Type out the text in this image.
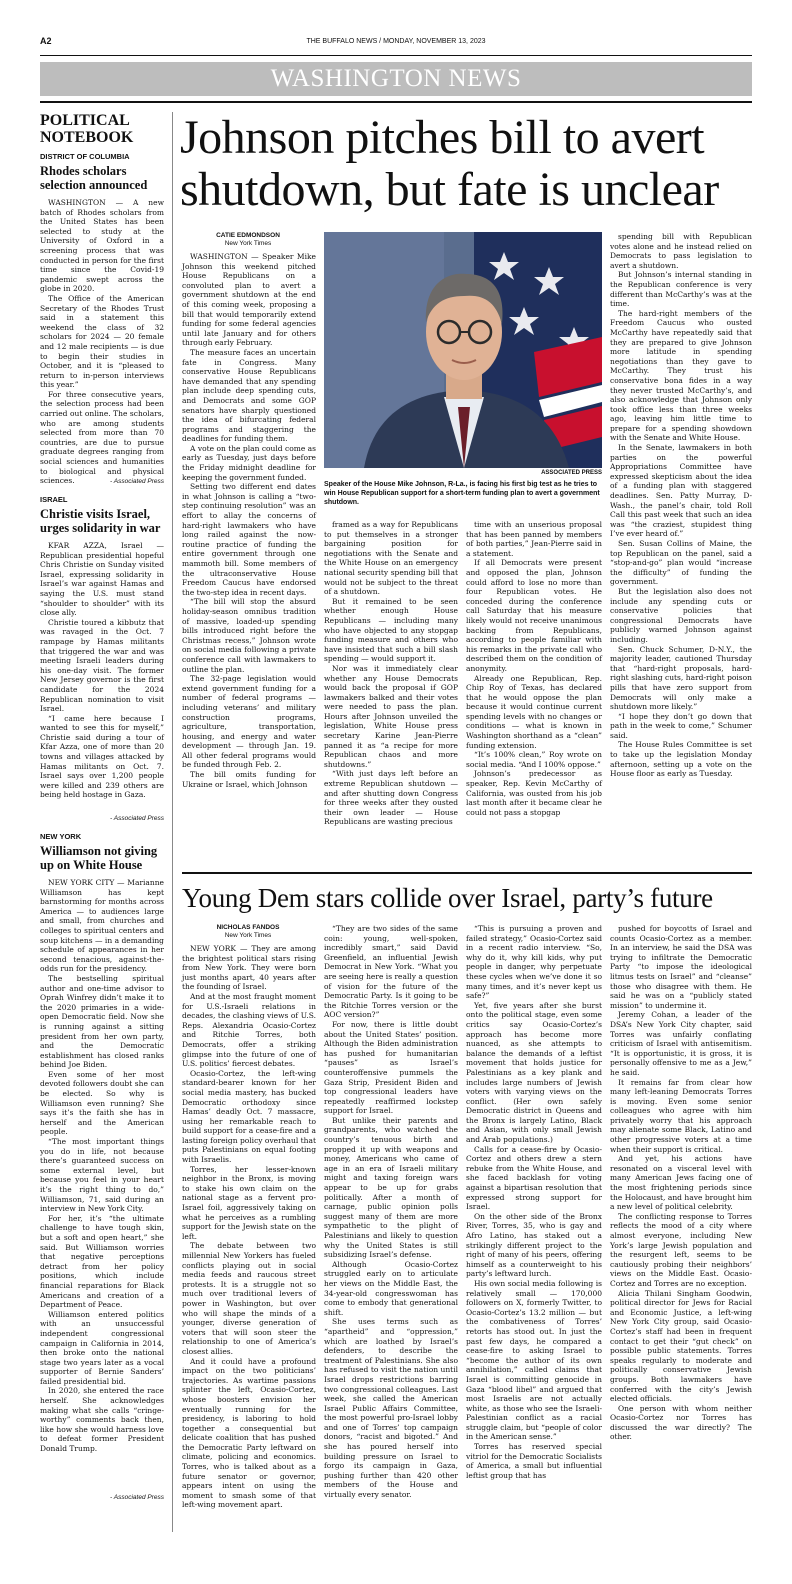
A2	THE BUFFALO NEWS / MONDAY, NOVEMBER 13, 2023
WASHINGTON NEWS
POLITICAL NOTEBOOK
DISTRICT OF COLUMBIA
Rhodes scholars selection announced

WASHINGTON — A new batch of Rhodes scholars from the United States has been selected to study at the University of Oxford in a screening process that was conducted in person for the first time since the Covid-19 pandemic swept across the globe in 2020.

The Office of the American Secretary of the Rhodes Trust said in a statement this weekend the class of 32 scholars for 2024 — 20 female and 12 male recipients — is due to begin their studies in October, and it is “pleased to return to in-person interviews this year.”

For three consecutive years, the selection process had been carried out online. The scholars, who are among students selected from more than 70 countries, are due to pursue graduate degrees ranging from social sciences and humanities to biological and physical sciences.	- Associated Press
ISRAEL
Christie visits Israel, urges solidarity in war

KFAR AZZA, Israel — Republican presidential hopeful Chris Christie on Sunday visited Israel, expressing solidarity in Israel’s war against Hamas and saying the U.S. must stand “shoulder to shoulder” with its close ally.

Christie toured a kibbutz that was ravaged in the Oct. 7 rampage by Hamas militants that triggered the war and was meeting Israeli leaders during his one-day visit. The former New Jersey governor is the first candidate for the 2024 Republican nomination to visit Israel.

“I came here because I wanted to see this for myself,” Christie said during a tour of Kfar Azza, one of more than 20 towns and villages attacked by Hamas militants on Oct. 7. Israel says over 1,200 people were killed and 239 others are being held hostage in Gaza.

- Associated Press
NEW YORK
Williamson not giving up on White House

NEW YORK CITY — Marianne Williamson has kept barnstorming for months across America — to audiences large and small, from churches and colleges to spiritual centers and soup kitchens — in a demanding schedule of appearances in her second tenacious, against-the-odds run for the presidency.

The bestselling spiritual author and one-time advisor to Oprah Winfrey didn’t make it to the 2020 primaries in a wide-open Democratic field. Now she is running against a sitting president from her own party, and the Democratic establishment has closed ranks behind Joe Biden.

Even some of her most devoted followers doubt she can be elected. So why is Williamson even running? She says it’s the faith she has in herself and the American people.

“The most important things you do in life, not because there’s guaranteed success on some external level, but because you feel in your heart it’s the right thing to do,” Williamson, 71, said during an interview in New York City.

For her, it’s “the ultimate challenge to have tough skin, but a soft and open heart,” she said. But Williamson worries that negative perceptions detract from her policy positions, which include financial reparations for Black Americans and creation of a Department of Peace.

Williamson entered politics with an unsuccessful independent congressional campaign in California in 2014, then broke onto the national stage two years later as a vocal supporter of Bernie Sanders’ failed presidential bid.

In 2020, she entered the race herself. She acknowledges making what she calls “cringe-worthy” comments back then, like how she would harness love to defeat former President Donald Trump.

- Associated Press
Johnson pitches bill to avert shutdown, but fate is unclear
CATIE EDMONDSON
New York Times

WASHINGTON — Speaker Mike Johnson this weekend pitched House Republicans on a convoluted plan to avert a government shutdown at the end of this coming week, proposing a bill that would temporarily extend funding for some federal agencies until late January and for others through early February.

The measure faces an uncertain fate in Congress. Many conservative House Republicans have demanded that any spending plan include deep spending cuts, and Democrats and some GOP senators have sharply questioned the idea of bifurcating federal programs and staggering the deadlines for funding them.

A vote on the plan could come as early as Tuesday, just days before the Friday midnight deadline for keeping the government funded.

Setting two different end dates in what Johnson is calling a “two-step continuing resolution” was an effort to allay the concerns of hard-right lawmakers who have long railed against the now-routine practice of funding the entire government through one mammoth bill. Some members of the ultraconservative House Freedom Caucus have endorsed the two-step idea in recent days.

“The bill will stop the absurd holiday-season omnibus tradition of massive, loaded-up spending bills introduced right before the Christmas recess,” Johnson wrote on social media following a private conference call with lawmakers to outline the plan.

The 32-page legislation would extend government funding for a number of federal programs — including veterans’ and military construction programs, agriculture, transportation, housing, and energy and water development — through Jan. 19. All other federal programs would be funded through Feb. 2.

The bill omits funding for Ukraine or Israel, which Johnson

ASSOCIATED PRESS
Speaker of the House Mike Johnson, R-La., is facing his first big test as he tries to win House Republican support for a short-term funding plan to avert a government shutdown.

framed as a way for Republicans to put themselves in a stronger bargaining position for negotiations with the Senate and the White House on an emergency national security spending bill that would not be subject to the threat of a shutdown.

But it remained to be seen whether enough House Republicans — including many who have objected to any stopgap funding measure and others who have insisted that such a bill slash spending — would support it.

Nor was it immediately clear whether any House Democrats would back the proposal if GOP lawmakers balked and their votes were needed to pass the plan. Hours after Johnson unveiled the legislation, White House press secretary Karine Jean-Pierre panned it as “a recipe for more Republican chaos and more shutdowns.”

“With just days left before an extreme Republican shutdown — and after shutting down Congress for three weeks after they ousted their own leader — House Republicans are wasting precious

time with an unserious proposal that has been panned by members of both parties,” Jean-Pierre said in a statement.

If all Democrats were present and opposed the plan, Johnson could afford to lose no more than four Republican votes. He conceded during the conference call Saturday that his measure likely would not receive unanimous backing from Republicans, according to people familiar with his remarks in the private call who described them on the condition of anonymity.

Already one Republican, Rep. Chip Roy of Texas, has declared that he would oppose the plan because it would continue current spending levels with no changes or conditions — what is known in Washington shorthand as a “clean” funding extension.

“It’s 100% clean,” Roy wrote on social media. “And I 100% oppose.”

Johnson’s predecessor as speaker, Rep. Kevin McCarthy of California, was ousted from his job last month after it became clear he could not pass a stopgap

spending bill with Republican votes alone and he instead relied on Democrats to pass legislation to avert a shutdown.

But Johnson’s internal standing in the Republican conference is very different than McCarthy’s was at the time.

The hard-right members of the Freedom Caucus who ousted McCarthy have repeatedly said that they are prepared to give Johnson more latitude in spending negotiations than they gave to McCarthy. They trust his conservative bona fides in a way they never trusted McCarthy’s, and also acknowledge that Johnson only took office less than three weeks ago, leaving him little time to prepare for a spending showdown with the Senate and White House.

In the Senate, lawmakers in both parties on the powerful Appropriations Committee have expressed skepticism about the idea of a funding plan with staggered deadlines. Sen. Patty Murray, D-Wash., the panel’s chair, told Roll Call this past week that such an idea was “the craziest, stupidest thing I’ve ever heard of.”

Sen. Susan Collins of Maine, the top Republican on the panel, said a “stop-and-go” plan would “increase the difficulty” of funding the government.

But the legislation also does not include any spending cuts or conservative policies that congressional Democrats have publicly warned Johnson against including.

Sen. Chuck Schumer, D-N.Y., the majority leader, cautioned Thursday that “hard-right proposals, hard-right slashing cuts, hard-right poison pills that have zero support from Democrats will only make a shutdown more likely.”

“I hope they don’t go down that path in the week to come,” Schumer said.

The House Rules Committee is set to take up the legislation Monday afternoon, setting up a vote on the House floor as early as Tuesday.

Young Dem stars collide over Israel, party’s future
NICHOLAS FANDOS
New York Times

NEW YORK — They are among the brightest political stars rising from New York. They were born just months apart, 40 years after the founding of Israel.

And at the most fraught moment for U.S.-Israeli relations in decades, the clashing views of U.S. Reps. Alexandria Ocasio-Cortez and Ritchie Torres, both Democrats, offer a striking glimpse into the future of one of U.S. politics’ fiercest debates.

Ocasio-Cortez, the left-wing standard-bearer known for her social media mastery, has bucked Democratic orthodoxy since Hamas’ deadly Oct. 7 massacre, using her remarkable reach to build support for a cease-fire and a lasting foreign policy overhaul that puts Palestinians on equal footing with Israelis.

Torres, her lesser-known neighbor in the Bronx, is moving to stake his own claim on the national stage as a fervent pro-Israel foil, aggressively taking on what he perceives as a rumbling support for the Jewish state on the left.

The debate between two millennial New Yorkers has fueled conflicts playing out in social media feeds and raucous street protests. It is a struggle not so much over traditional levers of power in Washington, but over who will shape the minds of a younger, diverse generation of voters that will soon steer the relationship to one of America’s closest allies.

And it could have a profound impact on the two politicians’ trajectories. As wartime passions splinter the left, Ocasio-Cortez, whose boosters envision her eventually running for the presidency, is laboring to hold together a consequential but delicate coalition that has pushed the Democratic Party leftward on climate, policing and economics. Torres, who is talked about as a future senator or governor, appears intent on using the moment to smash some of that left-wing movement apart.

“They are two sides of the same coin: young, well-spoken, incredibly smart,” said David Greenfield, an influential Jewish Democrat in New York. “What you are seeing here is really a question of vision for the future of the Democratic Party. Is it going to be the Ritchie Torres version or the AOC version?”

For now, there is little doubt about the United States’ position. Although the Biden administration has pushed for humanitarian “pauses” as Israel’s counteroffensive pummels the Gaza Strip, President Biden and top congressional leaders have repeatedly reaffirmed lockstep support for Israel.

But unlike their parents and grandparents, who watched the country’s tenuous birth and propped it up with weapons and money, Americans who came of age in an era of Israeli military might and taxing foreign wars appear to be up for grabs politically. After a month of carnage, public opinion polls suggest many of them are more sympathetic to the plight of Palestinians and likely to question why the United States is still subsidizing Israel’s defense.

Although Ocasio-Cortez struggled early on to articulate her views on the Middle East, the 34-year-old congresswoman has come to embody that generational shift.

She uses terms such as “apartheid” and “oppression,” which are loathed by Israel’s defenders, to describe the treatment of Palestinians. She also has refused to visit the nation until Israel drops restrictions barring two congressional colleagues. Last week, she called the American Israel Public Affairs Committee, the most powerful pro-Israel lobby and one of Torres’ top campaign donors, “racist and bigoted.” And she has poured herself into building pressure on Israel to forgo its campaign in Gaza, pushing further than 420 other members of the House and virtually every senator.

“This is pursuing a proven and failed strategy,” Ocasio-Cortez said in a recent radio interview. “So, why do it, why kill kids, why put people in danger, why perpetuate these cycles when we’ve done it so many times, and it’s never kept us safe?”

Yet, five years after she burst onto the political stage, even some critics say Ocasio-Cortez’s approach has become more nuanced, as she attempts to balance the demands of a leftist movement that holds justice for Palestinians as a key plank and includes large numbers of Jewish voters with varying views on the conflict. (Her own safely Democratic district in Queens and the Bronx is largely Latino, Black and Asian, with only small Jewish and Arab populations.)

Calls for a cease-fire by Ocasio-Cortez and others drew a stern rebuke from the White House, and she faced backlash for voting against a bipartisan resolution that expressed strong support for Israel.

On the other side of the Bronx River, Torres, 35, who is gay and Afro Latino, has staked out a strikingly different project to the right of many of his peers, offering himself as a counterweight to his party’s leftward lurch.

His own social media following is relatively small — 170,000 followers on X, formerly Twitter, to Ocasio-Cortez’s 13.2 million — but the combativeness of Torres’ retorts has stood out. In just the past few days, he compared a cease-fire to asking Israel to “become the author of its own annihilation,” called claims that Israel is committing genocide in Gaza “blood libel” and argued that most Israelis are not actually white, as those who see the Israeli-Palestinian conflict as a racial struggle claim, but “people of color in the American sense.”

Torres has reserved special vitriol for the Democratic Socialists of America, a small but influential leftist group that has

pushed for boycotts of Israel and counts Ocasio-Cortez as a member. In an interview, he said the DSA was trying to infiltrate the Democratic Party “to impose the ideological litmus tests on Israel” and “cleanse” those who disagree with them. He said he was on a “publicly stated mission” to undermine it.

Jeremy Cohan, a leader of the DSA’s New York City chapter, said Torres was unfairly conflating criticism of Israel with antisemitism. “It is opportunistic, it is gross, it is personally offensive to me as a Jew,” he said.

It remains far from clear how many left-leaning Democrats Torres is moving. Even some senior colleagues who agree with him privately worry that his approach may alienate some Black, Latino and other progressive voters at a time when their support is critical.

And yet, his actions have resonated on a visceral level with many American Jews facing one of the most frightening periods since the Holocaust, and have brought him a new level of political celebrity.

The conflicting response to Torres reflects the mood of a city where almost everyone, including New York’s large Jewish population and the resurgent left, seems to be cautiously probing their neighbors’ views on the Middle East. Ocasio-Cortez and Torres are no exception.

Alicia Thilani Singham Goodwin, political director for Jews for Racial and Economic Justice, a left-wing New York City group, said Ocasio-Cortez’s staff had been in frequent contact to get their “gut check” on possible public statements. Torres speaks regularly to moderate and politically conservative Jewish groups. Both lawmakers have conferred with the city’s Jewish elected officials.

One person with whom neither Ocasio-Cortez nor Torres has discussed the war directly? The other.
